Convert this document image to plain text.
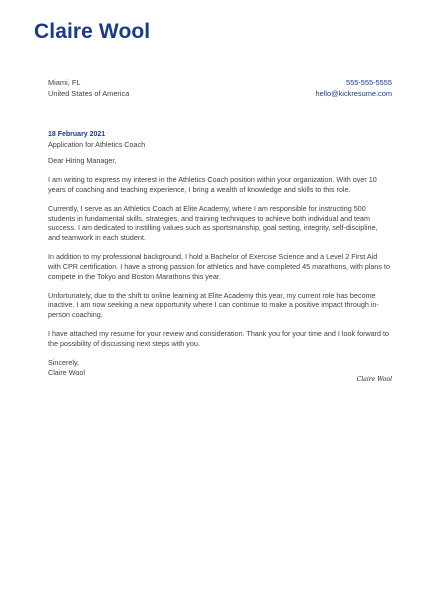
Claire Wool
Miami, FL
United States of America
555-555-5555
hello@kickresume.com
18 February 2021
Application for Athletics Coach
Dear Hiring Manager,
I am writing to express my interest in the Athletics Coach position within your organization. With over 10 years of coaching and teaching experience, I bring a wealth of knowledge and skills to this role.
Currently, I serve as an Athletics Coach at Elite Academy, where I am responsible for instructing 500 students in fundamental skills, strategies, and training techniques to achieve both individual and team success. I am dedicated to instilling values such as sportsmanship, goal setting, integrity, self-discipline, and teamwork in each student.
In addition to my professional background, I hold a Bachelor of Exercise Science and a Level 2 First Aid with CPR certification. I have a strong passion for athletics and have completed 45 marathons, with plans to compete in the Tokyo and Boston Marathons this year.
Unfortunately, due to the shift to online learning at Elite Academy this year, my current role has become inactive. I am now seeking a new opportunity where I can continue to make a positive impact through in-person coaching.
I have attached my resume for your review and consideration. Thank you for your time and I look forward to the possibility of discussing next steps with you.
Sincerely,
Claire Wool
Claire Wool
